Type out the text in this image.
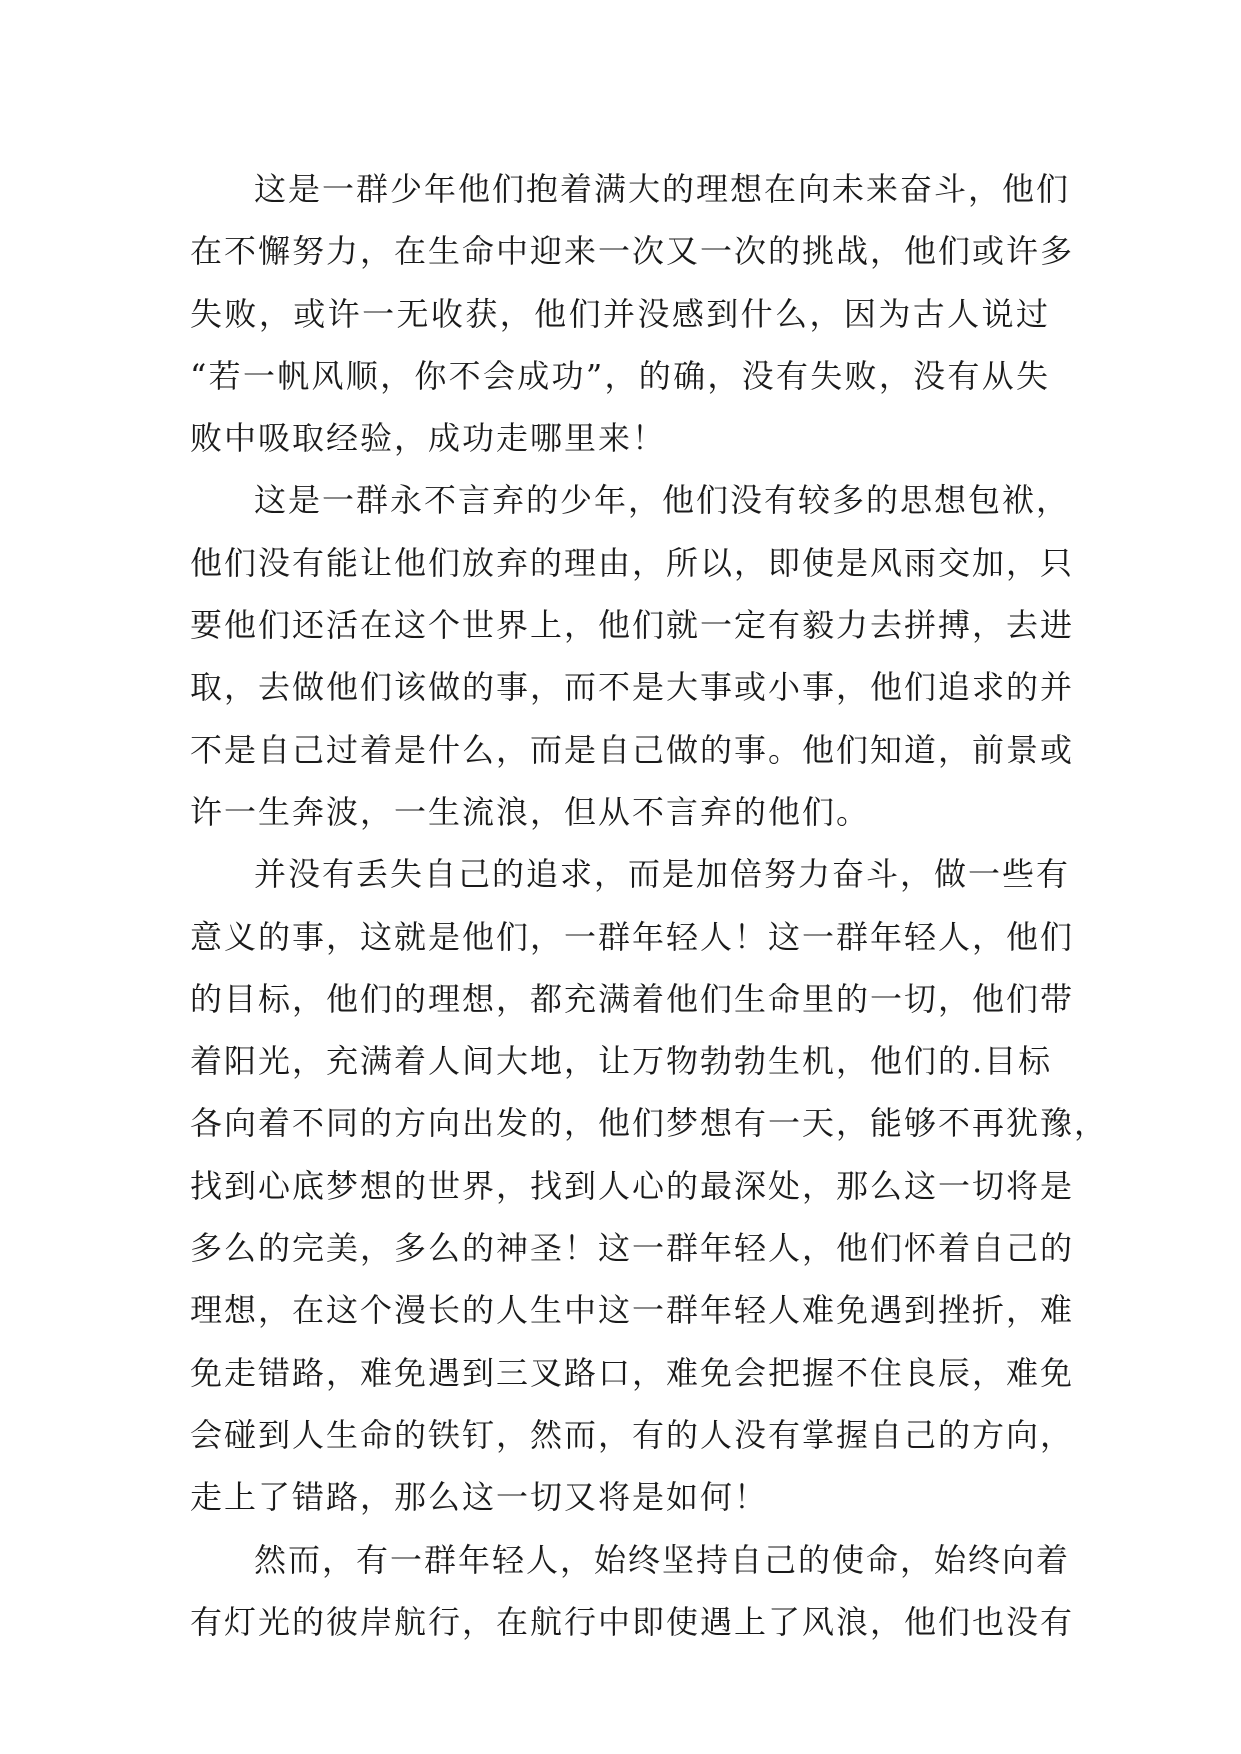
这是一群少年他们抱着满大的理想在向未来奋斗，他们
在不懈努力，在生命中迎来一次又一次的挑战，他们或许多
失败，或许一无收获，他们并没感到什么，因为古人说过
“若一帆风顺，你不会成功”，的确，没有失败，没有从失
败中吸取经验，成功走哪里来！

这是一群永不言弃的少年，他们没有较多的思想包袱，
他们没有能让他们放弃的理由，所以，即使是风雨交加，只
要他们还活在这个世界上，他们就一定有毅力去拼搏，去进
取，去做他们该做的事，而不是大事或小事，他们追求的并
不是自己过着是什么，而是自己做的事。他们知道，前景或
许一生奔波，一生流浪，但从不言弃的他们。

并没有丢失自己的追求，而是加倍努力奋斗，做一些有
意义的事，这就是他们，一群年轻人！这一群年轻人，他们
的目标，他们的理想，都充满着他们生命里的一切，他们带
着阳光，充满着人间大地，让万物勃勃生机，他们的.目标
各向着不同的方向出发的，他们梦想有一天，能够不再犹豫，
找到心底梦想的世界，找到人心的最深处，那么这一切将是
多么的完美，多么的神圣！这一群年轻人，他们怀着自己的
理想，在这个漫长的人生中这一群年轻人难免遇到挫折，难
免走错路，难免遇到三叉路口，难免会把握不住良辰，难免
会碰到人生命的铁钉，然而，有的人没有掌握自己的方向，
走上了错路，那么这一切又将是如何！

然而，有一群年轻人，始终坚持自己的使命，始终向着
有灯光的彼岸航行，在航行中即使遇上了风浪，他们也没有
